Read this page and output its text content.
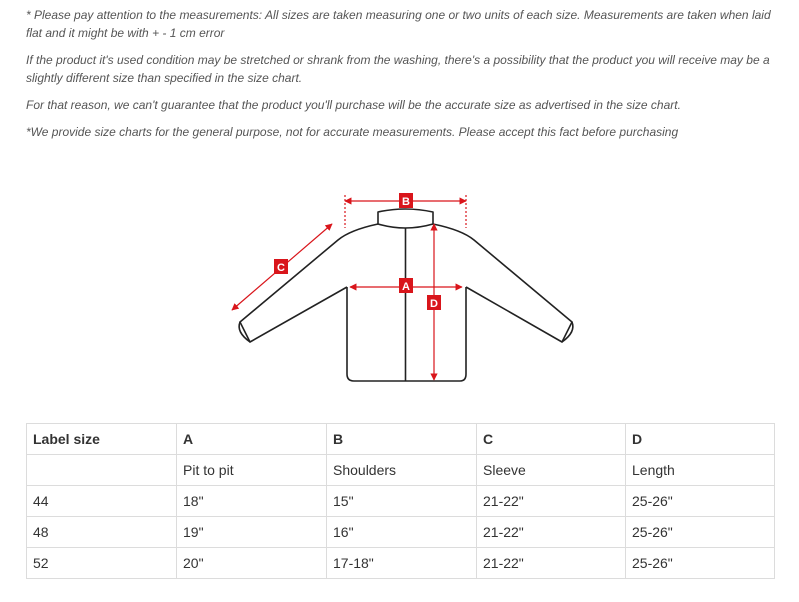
* Please pay attention to the measurements: All sizes are taken measuring one or two units of each size. Measurements are taken when laid flat and it might be with + - 1 cm error

If the product it's used condition may be stretched or shrank from the washing, there's a possibility that the product you will receive may be a slightly different size than specified in the size chart.

For that reason, we can't guarantee that the product you'll purchase will be the accurate size as advertised in the size chart.

*We provide size charts for the general purpose, not for accurate measurements. Please accept this fact before purchasing

B
C
A
D
Label size	A	B	C	D
	Pit to pit	Shoulders	Sleeve	Length
44	18"	15"	21-22"	25-26"
48	19"	16"	21-22"	25-26"
52	20"	17-18"	21-22"	25-26"
